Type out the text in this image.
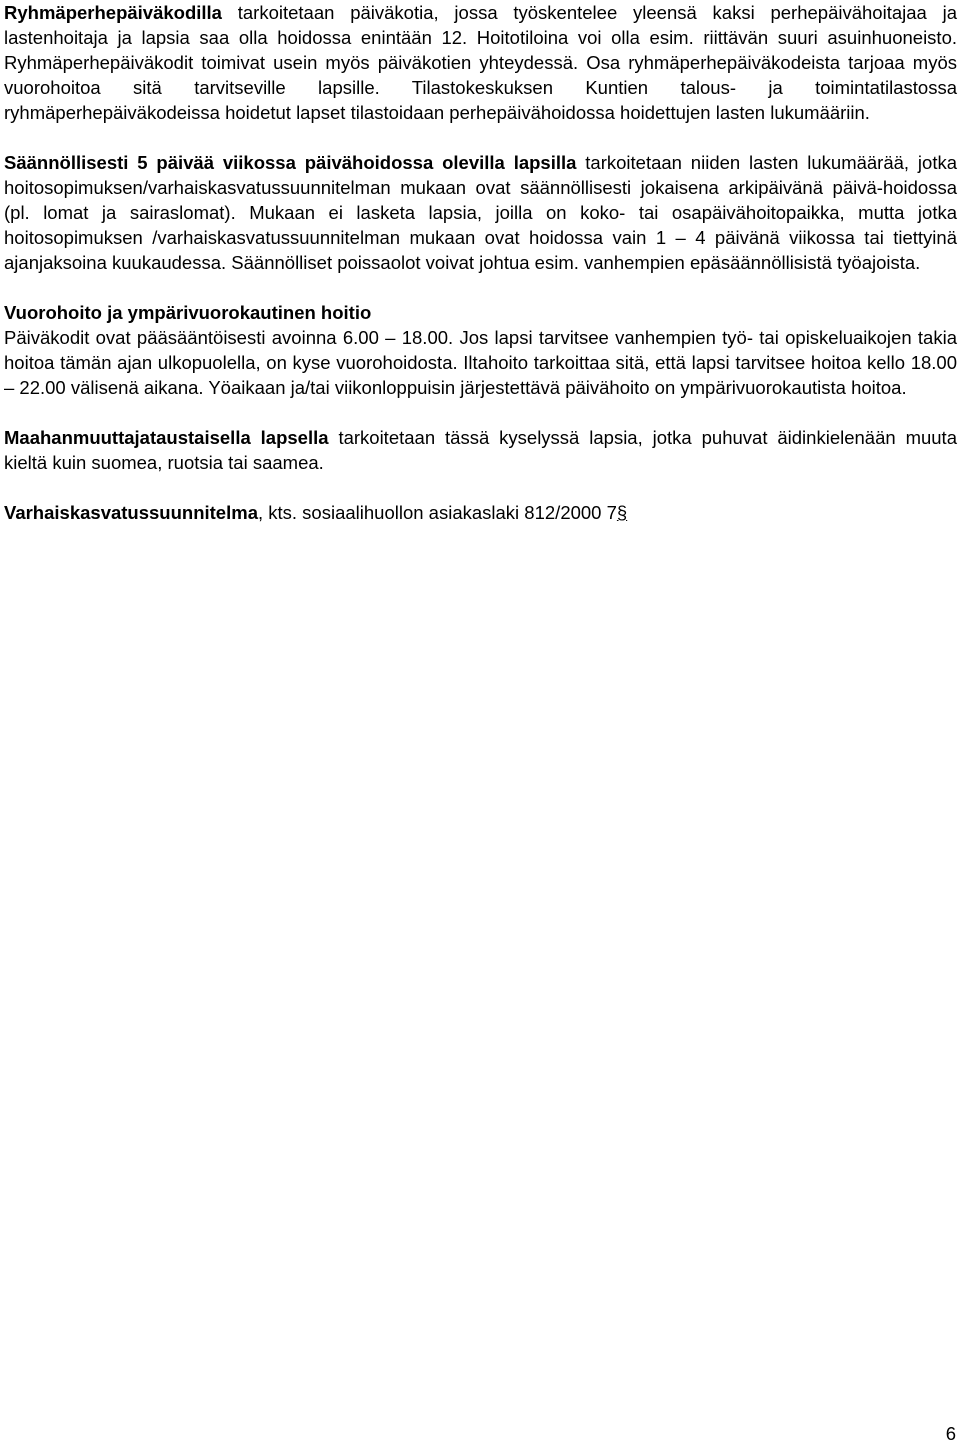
Ryhmäperhepäiväkodilla tarkoitetaan päiväkotia, jossa työskentelee yleensä kaksi perhepäivähoitajaa ja lastenhoitaja ja lapsia saa olla hoidossa enintään 12. Hoitotiloina voi olla esim. riittävän suuri asuinhuoneisto. Ryhmäperhepäiväkodit toimivat usein myös päiväkotien yhteydessä. Osa ryhmäperhepäiväkodeista tarjoaa myös vuorohoitoa sitä tarvitseville lapsille. Tilastokeskuksen Kuntien talous- ja toimintatilastossa ryhmäperhepäiväkodeissa hoidetut lapset tilastoidaan perhepäivähoidossa hoidettujen lasten lukumääriin.

Säännöllisesti 5 päivää viikossa päivähoidossa olevilla lapsilla tarkoitetaan niiden lasten lukumäärää, jotka hoitosopimuksen/varhaiskasvatussuunnitelman mukaan ovat säännöllisesti jokaisena arkipäivänä päivä-hoidossa (pl. lomat ja sairaslomat). Mukaan ei lasketa lapsia, joilla on koko- tai osapäivähoitopaikka, mutta jotka hoitosopimuksen /varhaiskasvatussuunnitelman mukaan ovat hoidossa vain 1 – 4 päivänä viikossa tai tiettyinä ajanjaksoina kuukaudessa. Säännölliset poissaolot voivat johtua esim. vanhempien epäsäännöllisistä työajoista.

Vuorohoito ja ympärivuorokautinen hoitio

Päiväkodit ovat pääsääntöisesti avoinna 6.00 – 18.00. Jos lapsi tarvitsee vanhempien työ- tai opiskeluaikojen takia hoitoa tämän ajan ulkopuolella, on kyse vuorohoidosta. Iltahoito tarkoittaa sitä, että lapsi tarvitsee hoitoa kello 18.00 – 22.00 välisenä aikana. Yöaikaan ja/tai viikonloppuisin järjestettävä päivähoito on ympärivuorokautista hoitoa.

Maahanmuuttajataustaisella lapsella tarkoitetaan tässä kyselyssä lapsia, jotka puhuvat äidinkielenään muuta kieltä kuin suomea, ruotsia tai saamea.

Varhaiskasvatussuunnitelma, kts. sosiaalihuollon asiakaslaki 812/2000 7§

6
